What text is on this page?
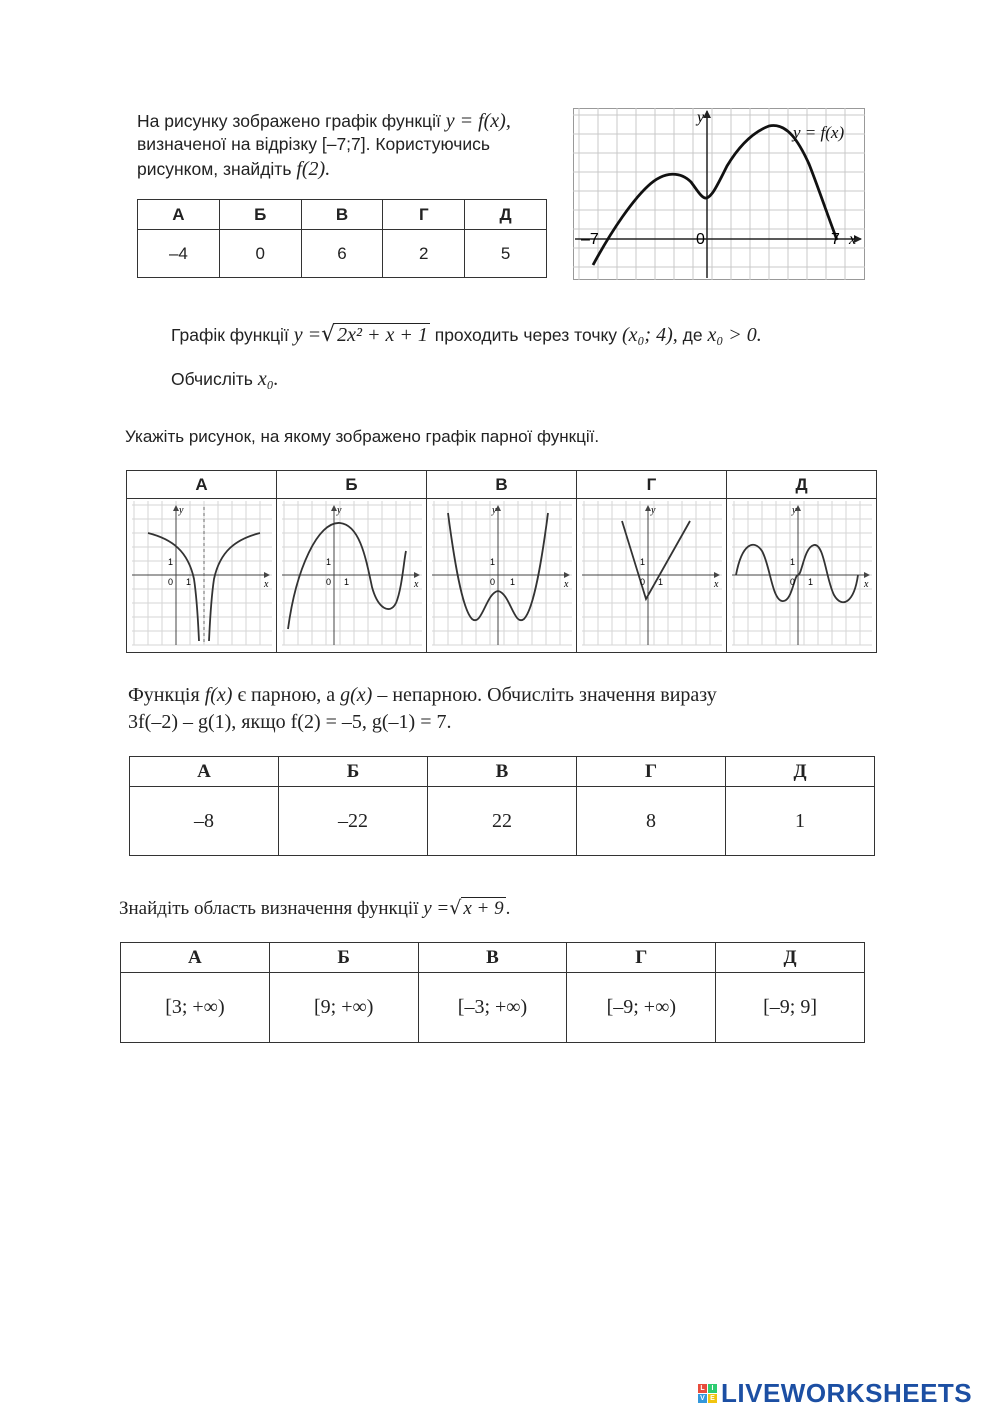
На рисунку зображено графік функції y = f(x),
визначеної на відрізку [–7;7]. Користуючись
рисунком, знайдіть f(2).
А	Б	В	Г	Д
–4	0	6	2	5
y
y = f(x)
–7	0	7 x
Графік функції y =√ 2x² + x + 1 проходить через точку (x₀; 4), де x₀ > 0.
Обчисліть x₀.
Укажіть рисунок, на якому зображено графік парної функції.
А	Б	В	Г	Д

y
x
1
0 1	y
x
1
0 1	y
x
1
0 1	y
x
1
0 1	y
x
1
0 1
Функція f(x) є парною, а g(x) – непарною. Обчисліть значення виразу
3f(–2) – g(1), якщо f(2) = –5, g(–1) = 7.
А	Б	В	Г	Д
–8	–22	22	8	1
Знайдіть область визначення функції y =√ x + 9 .
А	Б	В	Г	Д
[3; +∞)	[9; +∞)	[–3; +∞)	[–9; +∞)	[–9; 9]
L I
V E LIVEWORKSHEETS
